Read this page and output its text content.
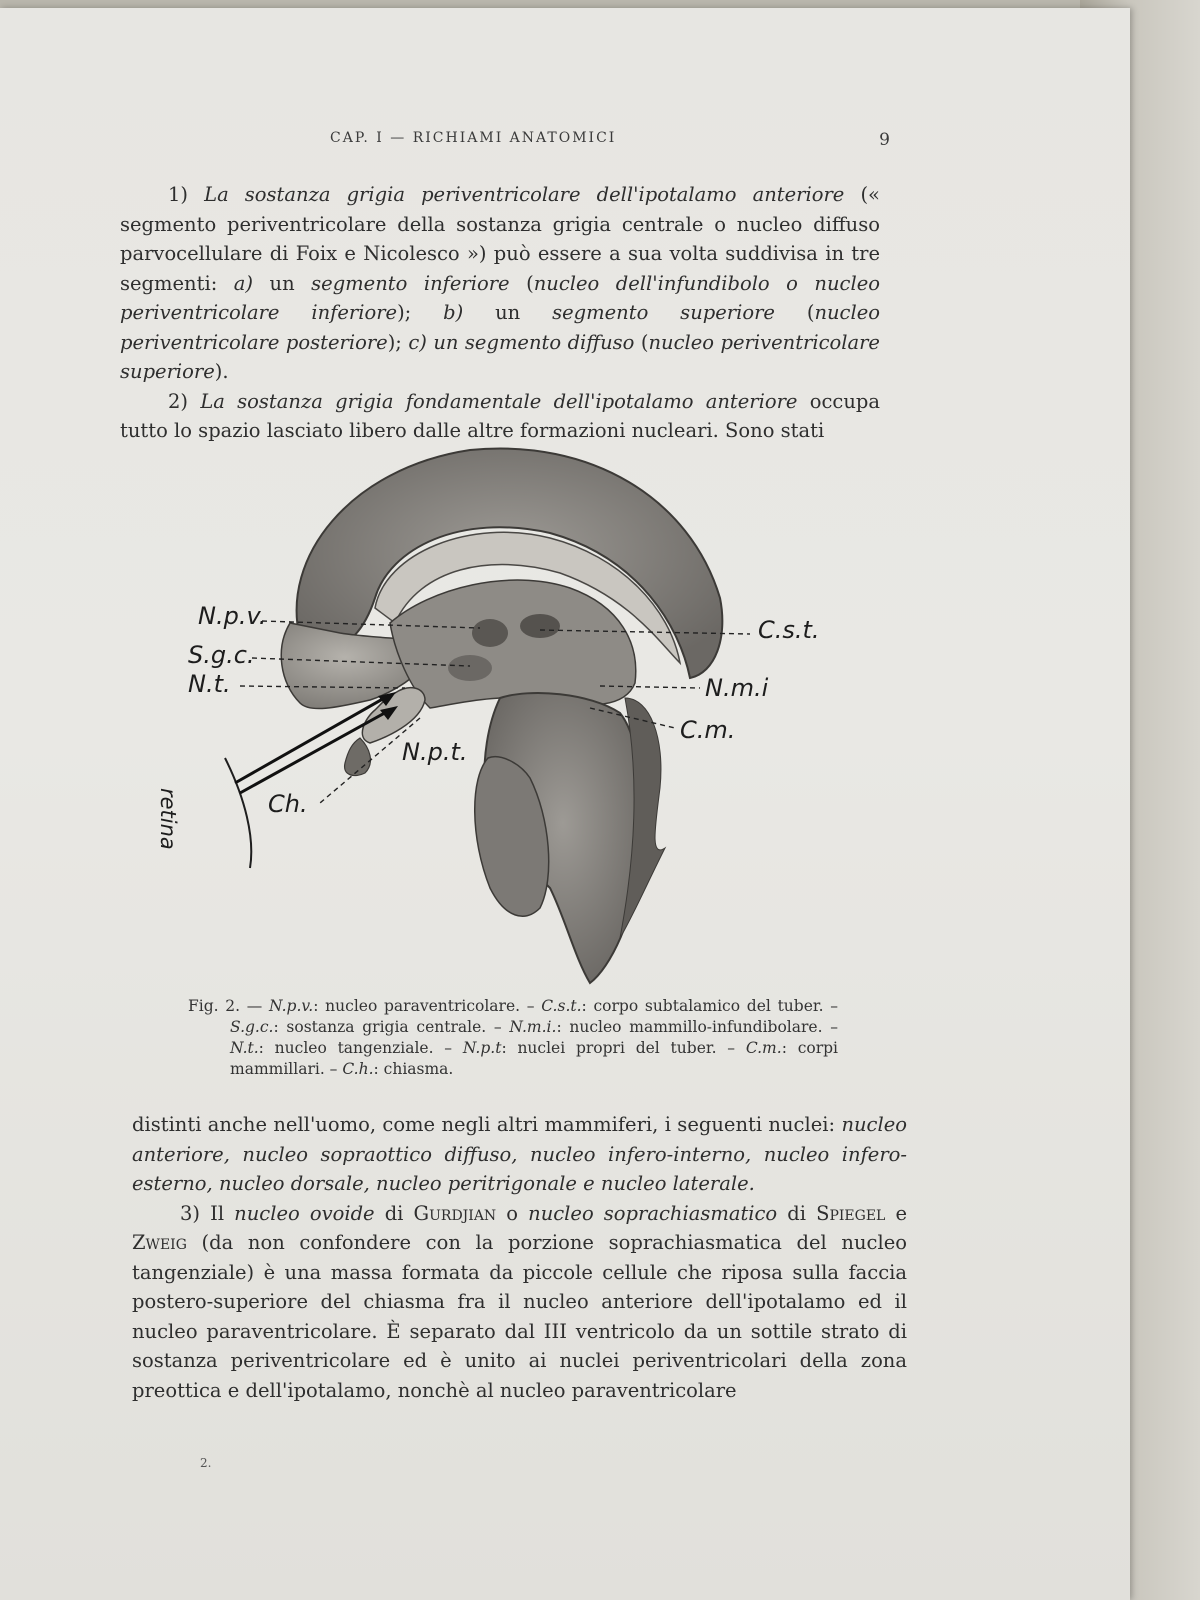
CAP. I — RICHIAMI ANATOMICI	9

1) La sostanza grigia periventricolare dell'ipotalamo anteriore (« segmento periventricolare della sostanza grigia centrale o nucleo diffuso parvocellulare di Foix e Nicolesco ») può essere a sua volta suddivisa in tre segmenti: a) un segmento inferiore (nucleo dell'infundibolo o nucleo periventricolare inferiore); b) un segmento superiore (nucleo periventricolare posteriore); c) un segmento diffuso (nucleo periventricolare superiore).

2) La sostanza grigia fondamentale dell'ipotalamo anteriore occupa tutto lo spazio lasciato libero dalle altre formazioni nucleari. Sono stati

N.p.v.
S.g.c.
N.t.
C.s.t.
N.m.i
C.m.
N.p.t.
Ch.
retina

Fig. 2. — N.p.v.: nucleo paraventricolare. – C.s.t.: corpo subtalamico del tuber. – S.g.c.: sostanza grigia centrale. – N.m.i.: nucleo mammillo-infundibolare. – N.t.: nucleo tangenziale. – N.p.t: nuclei propri del tuber. – C.m.: corpi mammillari. – C.h.: chiasma.

distinti anche nell'uomo, come negli altri mammiferi, i seguenti nuclei: nucleo anteriore, nucleo sopraottico diffuso, nucleo infero-interno, nucleo infero-esterno, nucleo dorsale, nucleo peritrigonale e nucleo laterale.

3) Il nucleo ovoide di Gurdjian o nucleo soprachiasmatico di Spiegel e Zweig (da non confondere con la porzione soprachiasmatica del nucleo tangenziale) è una massa formata da piccole cellule che riposa sulla faccia postero-superiore del chiasma fra il nucleo anteriore dell'ipotalamo ed il nucleo paraventricolare. È separato dal III ventricolo da un sottile strato di sostanza periventricolare ed è unito ai nuclei periventricolari della zona preottica e dell'ipotalamo, nonchè al nucleo paraventricolare

2.
